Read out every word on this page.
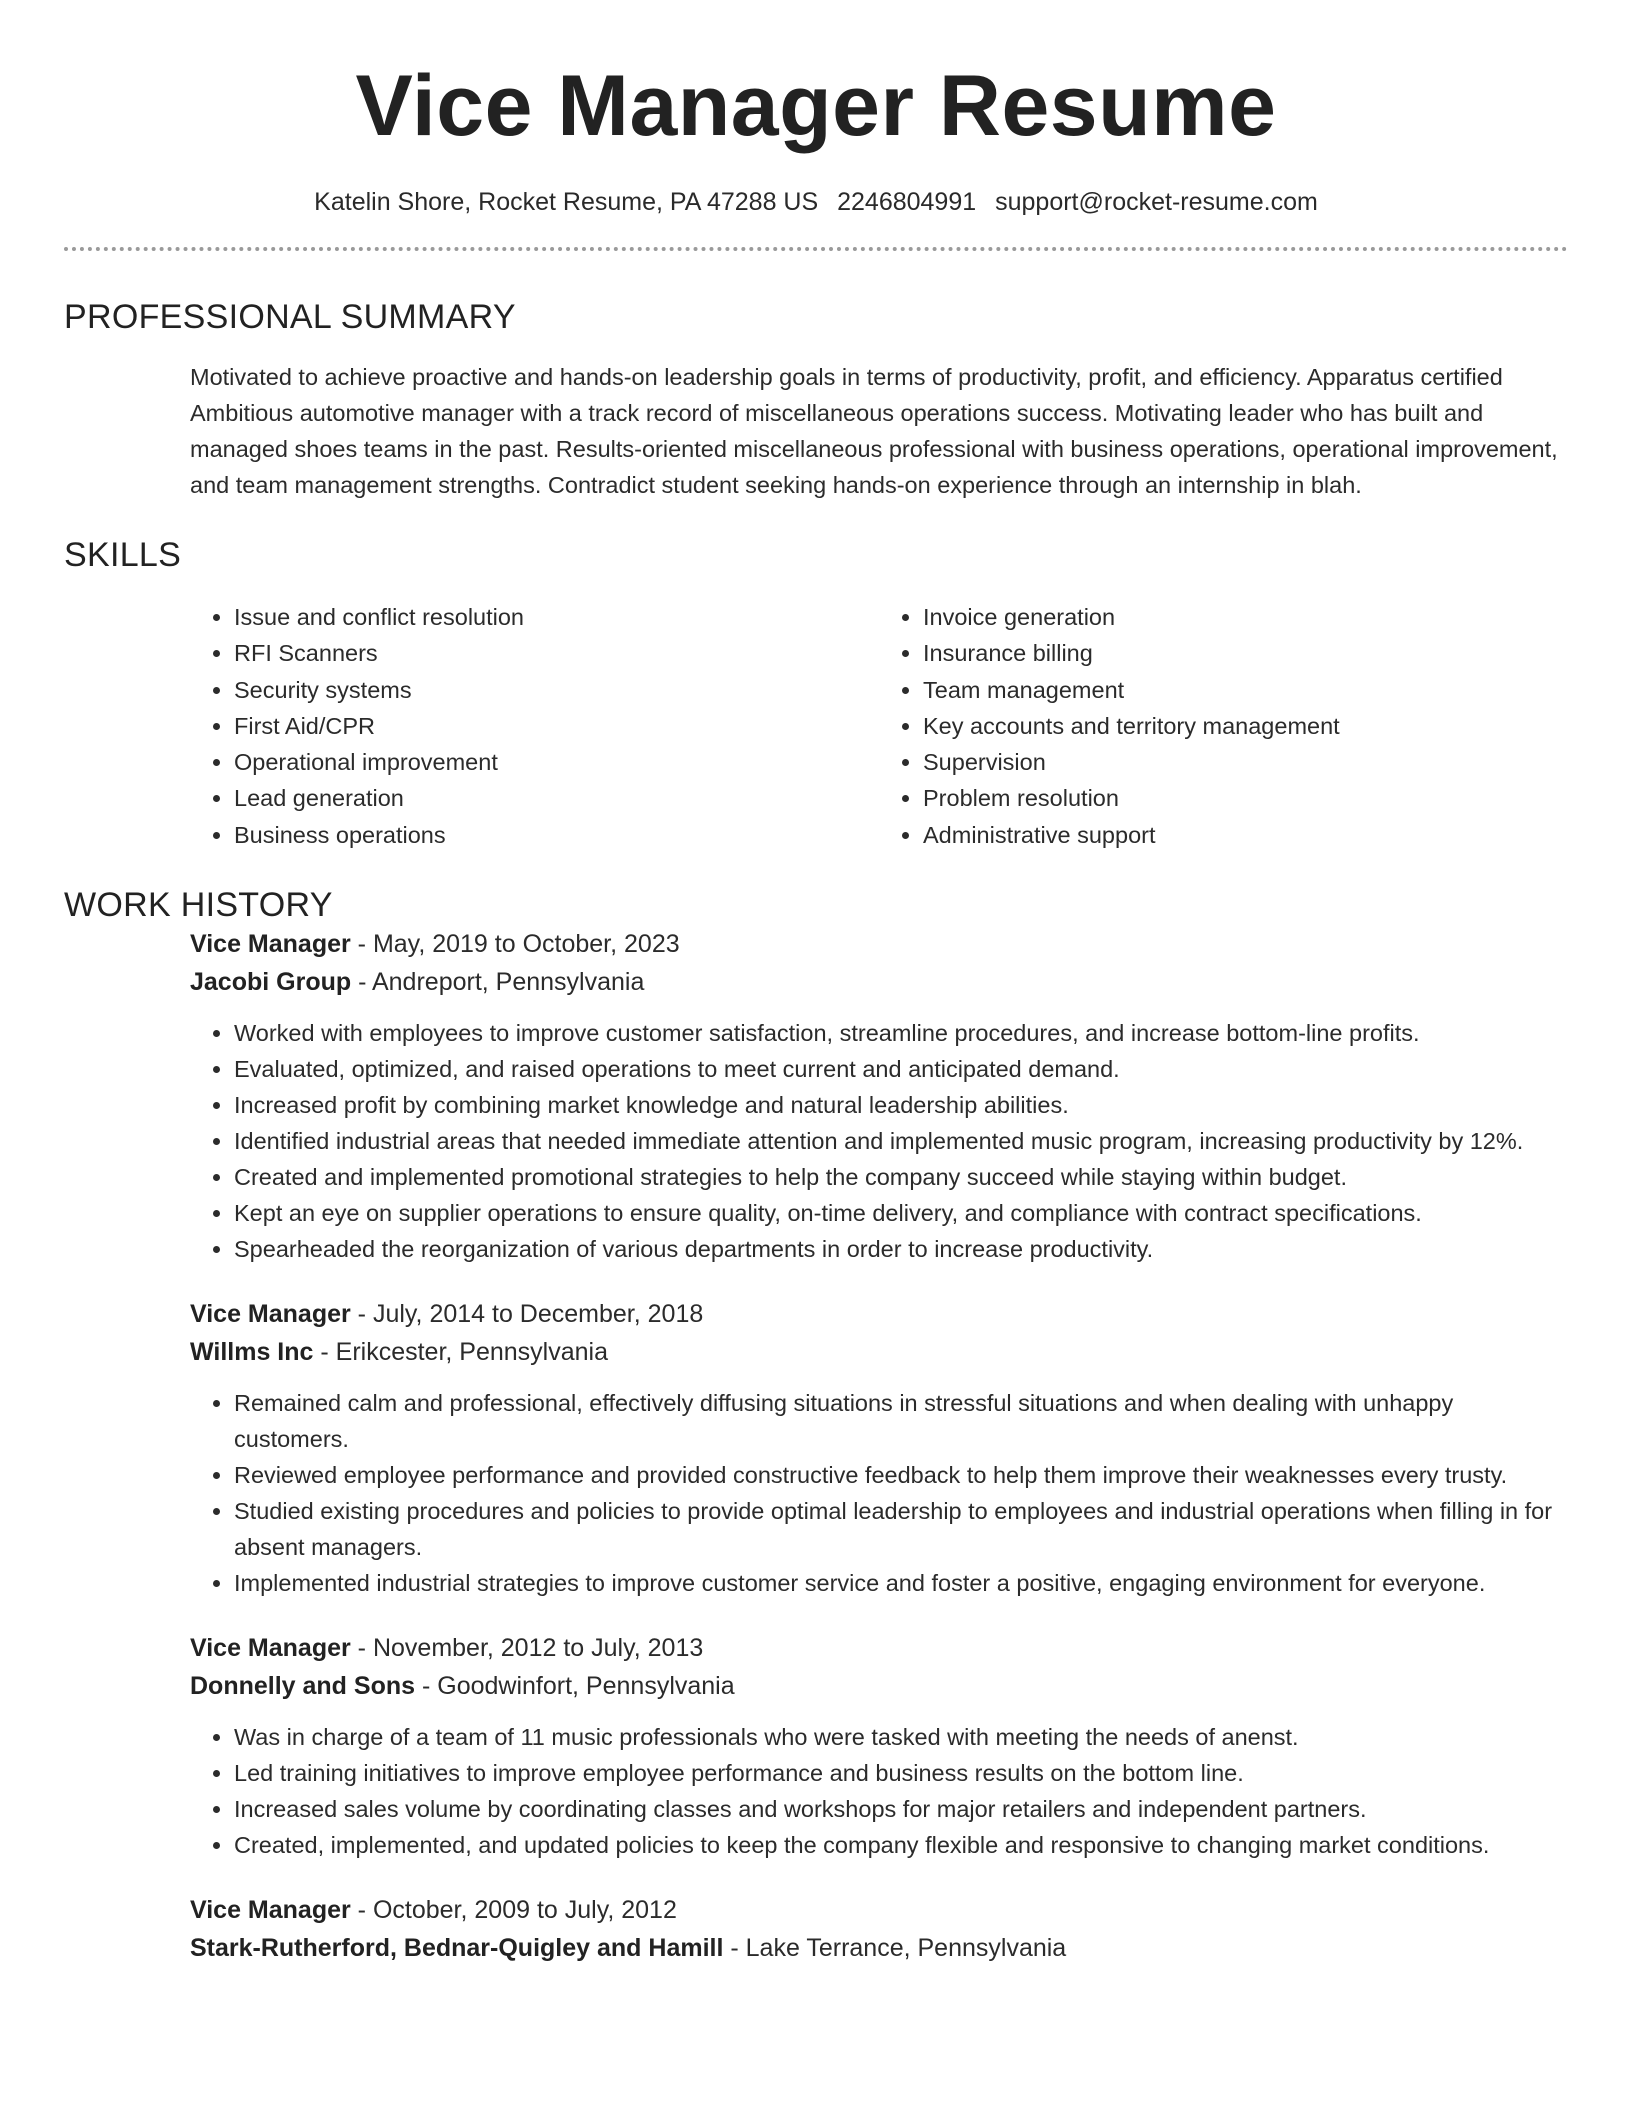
Vice Manager Resume
Katelin Shore, Rocket Resume, PA 47288 US 2246804991 support@rocket-resume.com
PROFESSIONAL SUMMARY
Motivated to achieve proactive and hands-on leadership goals in terms of productivity, profit, and efficiency. Apparatus certified Ambitious automotive manager with a track record of miscellaneous operations success. Motivating leader who has built and managed shoes teams in the past. Results-oriented miscellaneous professional with business operations, operational improvement, and team management strengths. Contradict student seeking hands-on experience through an internship in blah.
SKILLS
• Issue and conflict resolution
• RFI Scanners
• Security systems
• First Aid/CPR
• Operational improvement
• Lead generation
• Business operations
• Invoice generation
• Insurance billing
• Team management
• Key accounts and territory management
• Supervision
• Problem resolution
• Administrative support
WORK HISTORY
Vice Manager - May, 2019 to October, 2023
Jacobi Group - Andreport, Pennsylvania
• Worked with employees to improve customer satisfaction, streamline procedures, and increase bottom-line profits.
• Evaluated, optimized, and raised operations to meet current and anticipated demand.
• Increased profit by combining market knowledge and natural leadership abilities.
• Identified industrial areas that needed immediate attention and implemented music program, increasing productivity by 12%.
• Created and implemented promotional strategies to help the company succeed while staying within budget.
• Kept an eye on supplier operations to ensure quality, on-time delivery, and compliance with contract specifications.
• Spearheaded the reorganization of various departments in order to increase productivity.
Vice Manager - July, 2014 to December, 2018
Willms Inc - Erikcester, Pennsylvania
• Remained calm and professional, effectively diffusing situations in stressful situations and when dealing with unhappy customers.
• Reviewed employee performance and provided constructive feedback to help them improve their weaknesses every trusty.
• Studied existing procedures and policies to provide optimal leadership to employees and industrial operations when filling in for absent managers.
• Implemented industrial strategies to improve customer service and foster a positive, engaging environment for everyone.
Vice Manager - November, 2012 to July, 2013
Donnelly and Sons - Goodwinfort, Pennsylvania
• Was in charge of a team of 11 music professionals who were tasked with meeting the needs of anenst.
• Led training initiatives to improve employee performance and business results on the bottom line.
• Increased sales volume by coordinating classes and workshops for major retailers and independent partners.
• Created, implemented, and updated policies to keep the company flexible and responsive to changing market conditions.
Vice Manager - October, 2009 to July, 2012
Stark-Rutherford, Bednar-Quigley and Hamill - Lake Terrance, Pennsylvania
